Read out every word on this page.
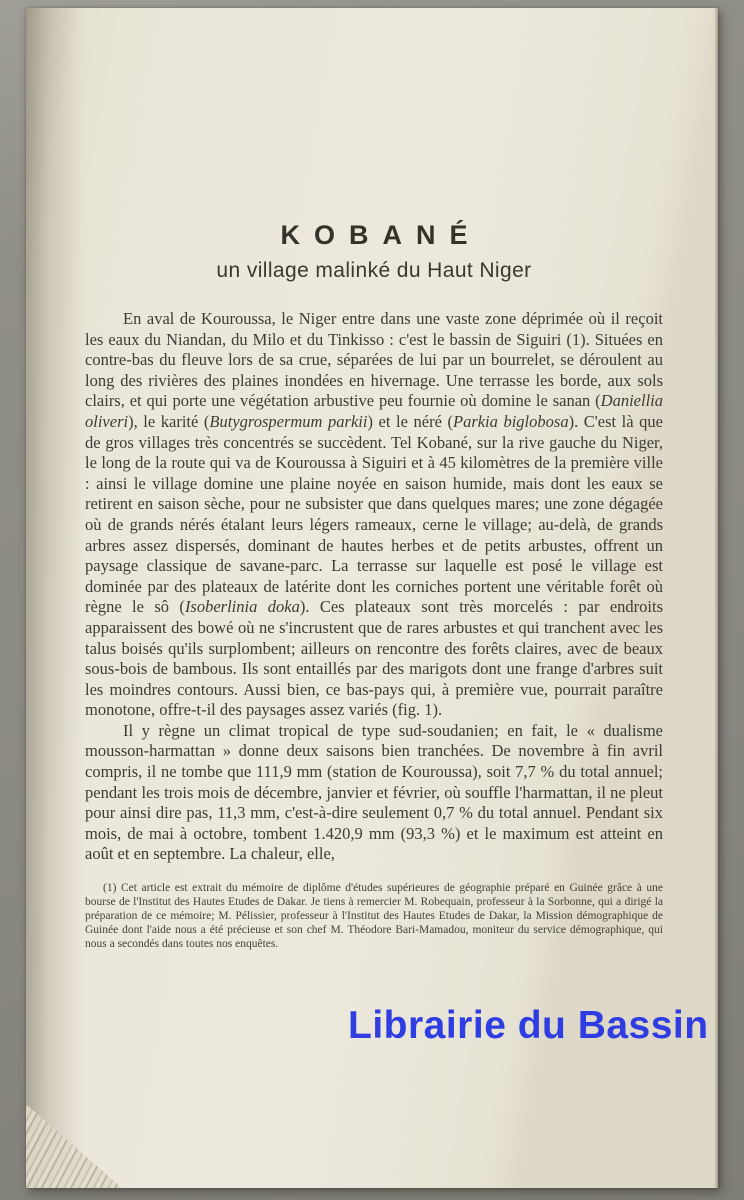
KOBANÉ
un village malinké du Haut Niger

En aval de Kouroussa, le Niger entre dans une vaste zone déprimée où il reçoit les eaux du Niandan, du Milo et du Tinkisso : c'est le bassin de Siguiri (1). Situées en contre-bas du fleuve lors de sa crue, séparées de lui par un bourrelet, se déroulent au long des rivières des plaines inondées en hivernage. Une terrasse les borde, aux sols clairs, et qui porte une végétation arbustive peu fournie où domine le sanan (Daniellia oliveri), le karité (Butygrospermum parkii) et le néré (Parkia biglobosa). C'est là que de gros villages très concentrés se succèdent. Tel Kobané, sur la rive gauche du Niger, le long de la route qui va de Kouroussa à Siguiri et à 45 kilomètres de la première ville : ainsi le village domine une plaine noyée en saison humide, mais dont les eaux se retirent en saison sèche, pour ne subsister que dans quelques mares; une zone dégagée où de grands nérés étalant leurs légers rameaux, cerne le village; au-delà, de grands arbres assez dispersés, dominant de hautes herbes et de petits arbustes, offrent un paysage classique de savane-parc. La terrasse sur laquelle est posé le village est dominée par des plateaux de latérite dont les corniches portent une véritable forêt où règne le sô (Isoberlinia doka). Ces plateaux sont très morcelés : par endroits apparaissent des bowé où ne s'incrustent que de rares arbustes et qui tranchent avec les talus boisés qu'ils surplombent; ailleurs on rencontre des forêts claires, avec de beaux sous-bois de bambous. Ils sont entaillés par des marigots dont une frange d'arbres suit les moindres contours. Aussi bien, ce bas-pays qui, à première vue, pourrait paraître monotone, offre-t-il des paysages assez variés (fig. 1).

Il y règne un climat tropical de type sud-soudanien; en fait, le « dualisme mousson-harmattan » donne deux saisons bien tranchées. De novembre à fin avril compris, il ne tombe que 111,9 mm (station de Kouroussa), soit 7,7 % du total annuel; pendant les trois mois de décembre, janvier et février, où souffle l'harmattan, il ne pleut pour ainsi dire pas, 11,3 mm, c'est-à-dire seulement 0,7 % du total annuel. Pendant six mois, de mai à octobre, tombent 1.420,9 mm (93,3 %) et le maximum est atteint en août et en septembre. La chaleur, elle,

(1) Cet article est extrait du mémoire de diplôme d'études supérieures de géographie préparé en Guinée grâce à une bourse de l'Institut des Hautes Etudes de Dakar. Je tiens à remercier M. Robequain, professeur à la Sorbonne, qui a dirigé la préparation de ce mémoire; M. Pélissier, professeur à l'Institut des Hautes Etudes de Dakar, la Mission démographique de Guinée dont l'aide nous a été précieuse et son chef M. Théodore Bari-Mamadou, moniteur du service démographique, qui nous a secondés dans toutes nos enquêtes.
Librairie du Bassin
